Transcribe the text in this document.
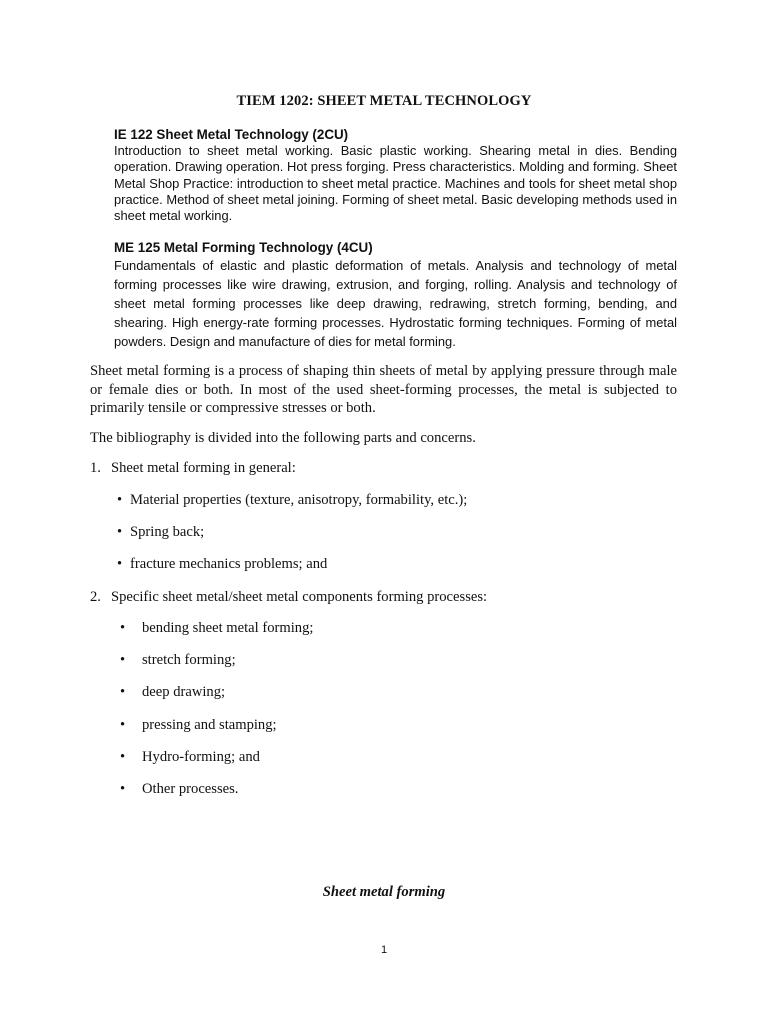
TIEM 1202: SHEET METAL TECHNOLOGY

IE 122 Sheet Metal Technology (2CU)

Introduction to sheet metal working. Basic plastic working. Shearing metal in dies. Bending operation. Drawing operation. Hot press forging. Press characteristics. Molding and forming. Sheet Metal Shop Practice: introduction to sheet metal practice. Machines and tools for sheet metal shop practice. Method of sheet metal joining. Forming of sheet metal. Basic developing methods used in sheet metal working.

ME 125 Metal Forming Technology (4CU)

Fundamentals of elastic and plastic deformation of metals. Analysis and technology of metal forming processes like wire drawing, extrusion, and forging, rolling. Analysis and technology of sheet metal forming processes like deep drawing, redrawing, stretch forming, bending, and shearing. High energy-rate forming processes. Hydrostatic forming techniques. Forming of metal powders. Design and manufacture of dies for metal forming.

Sheet metal forming is a process of shaping thin sheets of metal by applying pressure through male or female dies or both. In most of the used sheet-forming processes, the metal is subjected to primarily tensile or compressive stresses or both.

The bibliography is divided into the following parts and concerns.

1. Sheet metal forming in general:
• Material properties (texture, anisotropy, formability, etc.);
• Spring back;
• fracture mechanics problems; and
2. Specific sheet metal/sheet metal components forming processes:
• bending sheet metal forming;
• stretch forming;
• deep drawing;
• pressing and stamping;
• Hydro-forming; and
• Other processes.
Sheet metal forming
1
